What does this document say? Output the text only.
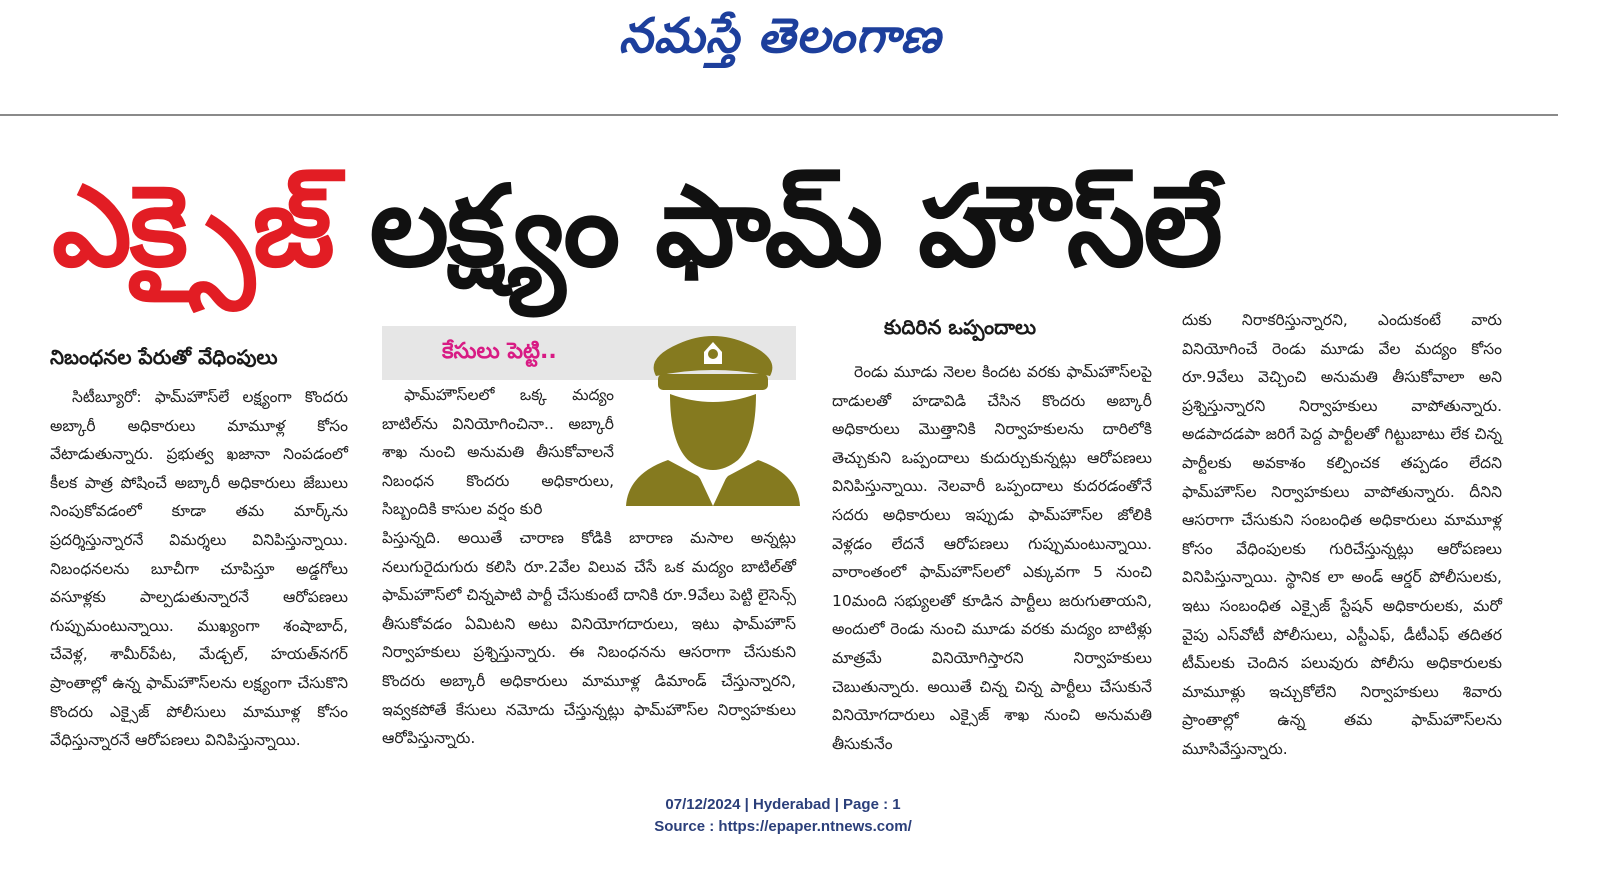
నమస్తే తెలంగాణ
ఎక్సైజ్ లక్ష్యం ఫామ్ హౌస్‌లే
నిబంధనల పేరుతో వేధింపులు

సిటీబ్యూరో: ఫామ్‌హౌస్‌లే లక్ష్యంగా కొందరు అబ్కారీ అధికారులు మామూళ్ల కోసం వేటాడుతున్నారు. ప్రభుత్వ ఖజానా నింపడంలో కీలక పాత్ర పోషించే అబ్కారీ అధికారులు జేబులు నింపుకోవడంలో కూడా తమ మార్క్‌ను ప్రదర్శిస్తున్నారనే విమర్శలు వినిపిస్తున్నాయి. నిబంధనలను బూచీగా చూపిస్తూ అడ్డగోలు వసూళ్లకు పాల్పడుతున్నారనే ఆరోపణలు గుప్పుమంటున్నాయి. ముఖ్యంగా శంషాబాద్, చేవెళ్ల, శామీర్‌పేట, మేడ్చల్, హయత్‌నగర్ ప్రాంతాల్లో ఉన్న ఫామ్‌హౌస్‌లను లక్ష్యంగా చేసుకొని కొందరు ఎక్సైజ్ పోలీసులు మామూళ్ల కోసం వేధిస్తున్నారనే ఆరోపణలు వినిపిస్తున్నాయి.

కేసులు పెట్టి..

ఫామ్‌హౌస్‌లలో ఒక్క మద్యం బాటిల్‌ను వినియోగించినా.. అబ్కారీ శాఖ నుంచి అనుమతి తీసుకోవాలనే నిబంధన కొందరు అధికారులు, సిబ్బందికి కాసుల వర్షం కురి

పిస్తున్నది. అయితే చారాణ కోడికి బారాణ మసాల అన్నట్లు నలుగురైదుగురు కలిసి రూ.2వేల విలువ చేసే ఒక మద్యం బాటిల్‌తో ఫామ్‌హౌస్‌లో చిన్నపాటి పార్టీ చేసుకుంటే దానికి రూ.9వేలు పెట్టి లైసెన్స్ తీసుకోవడం ఏమిటని అటు వినియోగదారులు, ఇటు ఫామ్‌హౌస్ నిర్వాహకులు ప్రశ్నిస్తున్నారు. ఈ నిబంధనను ఆసరాగా చేసుకుని కొందరు అబ్కారీ అధికారులు మామూళ్ల డిమాండ్ చేస్తున్నారని, ఇవ్వకపోతే కేసులు నమోదు చేస్తున్నట్లు ఫామ్‌హౌస్‌ల నిర్వాహకులు ఆరోపిస్తున్నారు.

కుదిరిన ఒప్పందాలు

రెండు మూడు నెలల కిందట వరకు ఫామ్‌హౌస్‌లపై దాడులతో హడావిడి చేసిన కొందరు అబ్కారీ అధికారులు మొత్తానికి నిర్వాహకులను దారిలోకి తెచ్చుకుని ఒప్పందాలు కుదుర్చుకున్నట్లు ఆరోపణలు వినిపిస్తున్నాయి. నెలవారీ ఒప్పందాలు కుదరడంతోనే సదరు అధికారులు ఇప్పుడు ఫామ్‌హౌస్‌ల జోలికి వెళ్లడం లేదనే ఆరోపణలు గుప్పుమంటున్నాయి. వారాంతంలో ఫామ్‌హౌస్‌లలో ఎక్కువగా 5 నుంచి 10మంది సభ్యులతో కూడిన పార్టీలు జరుగుతాయని, అందులో రెండు నుంచి మూడు వరకు మద్యం బాటిళ్లు మాత్రమే వినియోగిస్తారని నిర్వాహకులు చెబుతున్నారు. అయితే చిన్న చిన్న పార్టీలు చేసుకునే వినియోగదారులు ఎక్సైజ్ శాఖ నుంచి అనుమతి తీసుకునేం

దుకు నిరాకరిస్తున్నారని, ఎందుకంటే వారు వినియోగించే రెండు మూడు వేల మద్యం కోసం రూ.9వేలు వెచ్చించి అనుమతి తీసుకోవాలా అని ప్రశ్నిస్తున్నారని నిర్వాహకులు వాపోతున్నారు. అడపాదడపా జరిగే పెద్ద పార్టీలతో గిట్టుబాటు లేక చిన్న పార్టీలకు అవకాశం కల్పించక తప్పడం లేదని ఫామ్‌హౌస్‌ల నిర్వాహకులు వాపోతున్నారు. దీనిని ఆసరాగా చేసుకుని సంబంధిత అధికారులు మామూళ్ల కోసం వేధింపులకు గురిచేస్తున్నట్లు ఆరోపణలు వినిపిస్తున్నాయి. స్థానిక లా అండ్ ఆర్డర్ పోలీసులకు, ఇటు సంబంధిత ఎక్సైజ్ స్టేషన్ అధికారులకు, మరో వైపు ఎస్‌వోటీ పోలీసులు, ఎస్టీఎఫ్, డీటీఎఫ్ తదితర టీమ్‌లకు చెందిన పలువురు పోలీసు అధికారులకు మామూళ్లు ఇచ్చుకోలేని నిర్వాహకులు శివారు ప్రాంతాల్లో ఉన్న తమ ఫామ్‌హౌస్‌లను మూసివేస్తున్నారు.

07/12/2024 | Hyderabad | Page : 1
Source : https://epaper.ntnews.com/
